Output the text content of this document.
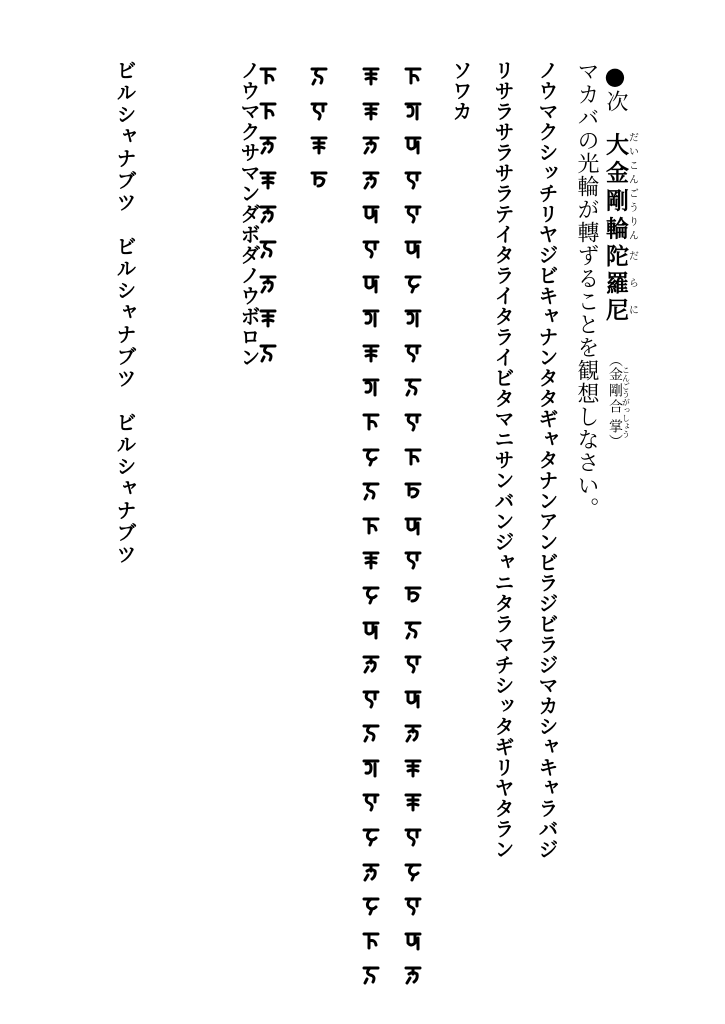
●次大だい金こん剛ごう輪りん陀だ羅ら尼に（金こん剛ごう合がっ掌しょう）
マカバの光輪が轉ずることを観想しなさい。
ノウマクシッチリヤジビキャナンタタギャタナンアンビラジビラジマカシャキャラバジ
リサラサラサラテイタライタライビタマニサンバンジャニタラマチシッタギリヤタラン
ソワカ
ノウマクサマンダボダノウボロン
ビルシャナブツ　ビルシャナブツ　ビルシャナブツ
